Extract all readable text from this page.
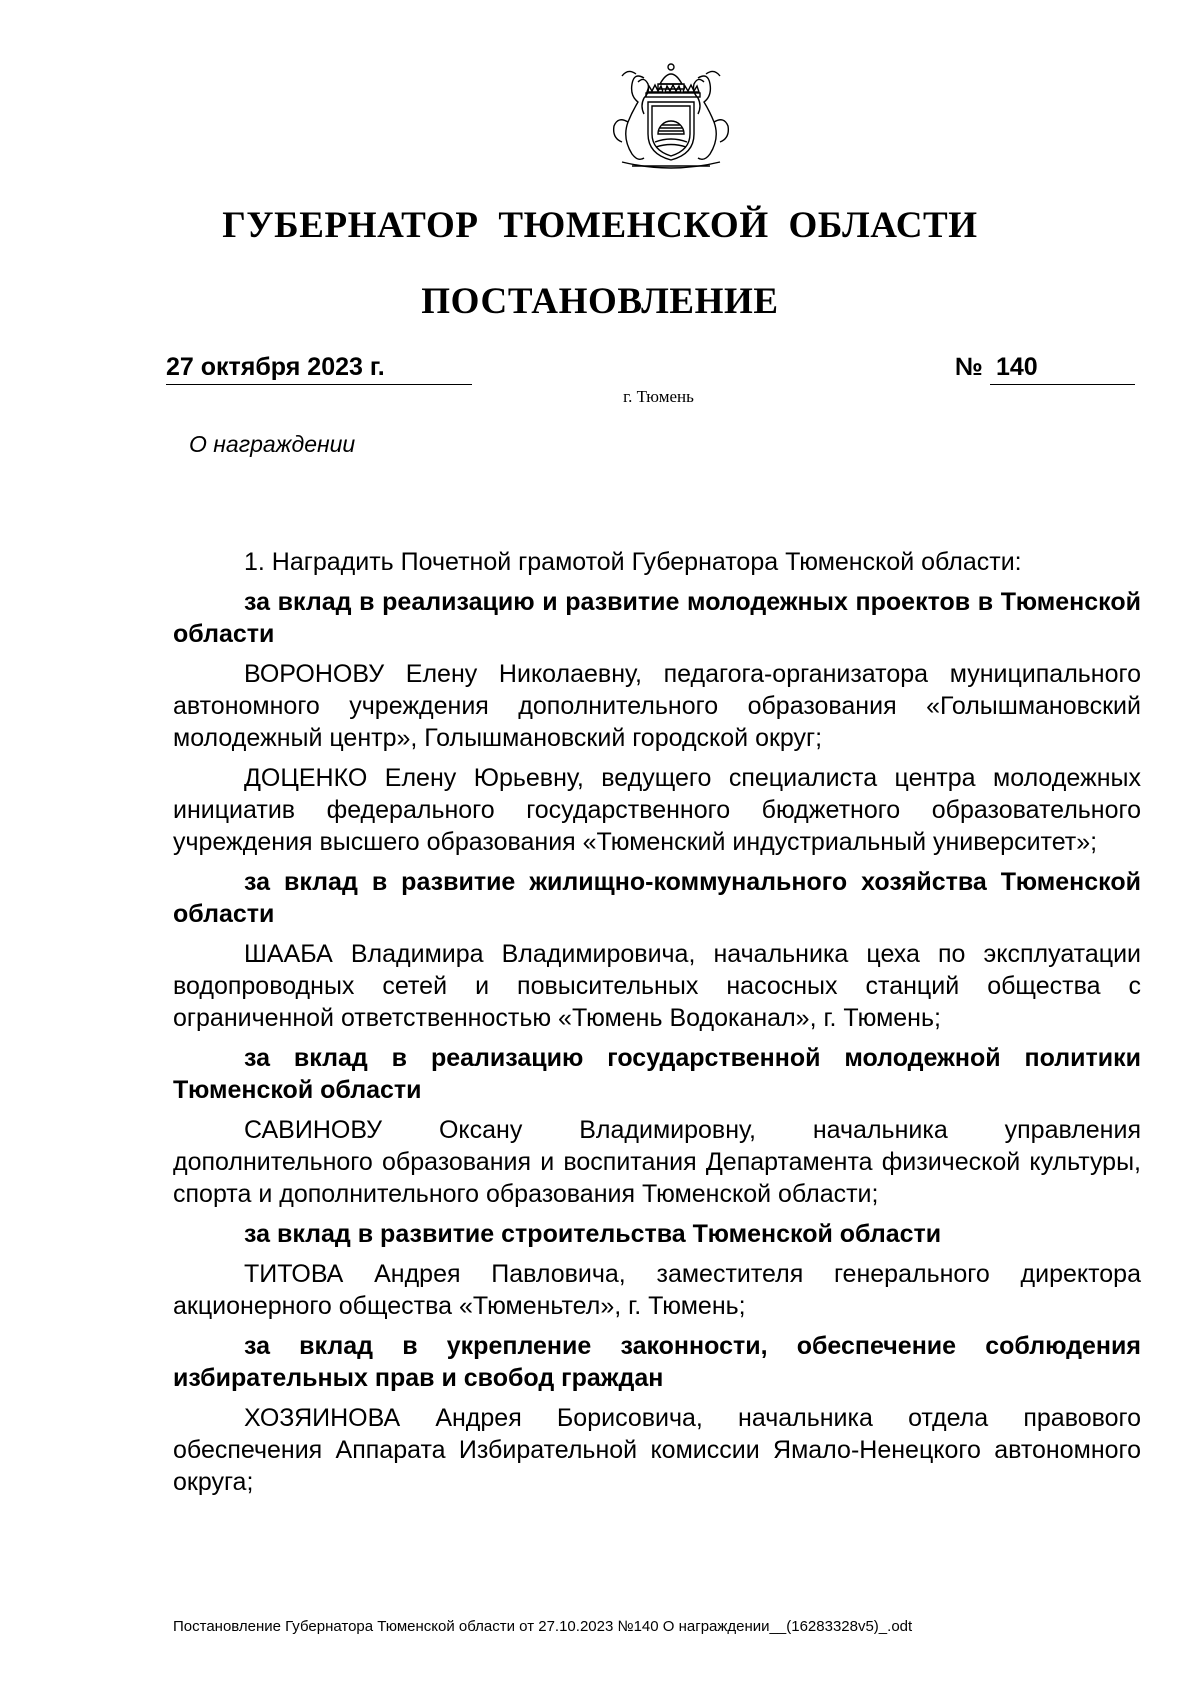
ГУБЕРНАТОР ТЮМЕНСКОЙ ОБЛАСТИ
ПОСТАНОВЛЕНИЕ
27 октября 2023 г.	№ 140
г. Тюмень
О награждении

1. Наградить Почетной грамотой Губернатора Тюменской области:

за вклад в реализацию и развитие молодежных проектов в Тюменской области

ВОРОНОВУ Елену Николаевну, педагога-организатора муниципального автономного учреждения дополнительного образования «Голышмановский молодежный центр», Голышмановский городской округ;

ДОЦЕНКО Елену Юрьевну, ведущего специалиста центра молодежных инициатив федерального государственного бюджетного образовательного учреждения высшего образования «Тюменский индустриальный университет»;

за вклад в развитие жилищно-коммунального хозяйства Тюменской области

ШААБА Владимира Владимировича, начальника цеха по эксплуатации водопроводных сетей и повысительных насосных станций общества с ограниченной ответственностью «Тюмень Водоканал», г. Тюмень;

за вклад в реализацию государственной молодежной политики Тюменской области

САВИНОВУ Оксану Владимировну, начальника управления дополнительного образования и воспитания Департамента физической культуры, спорта и дополнительного образования Тюменской области;

за вклад в развитие строительства Тюменской области

ТИТОВА Андрея Павловича, заместителя генерального директора акционерного общества «Тюменьтел», г. Тюмень;

за вклад в укрепление законности, обеспечение соблюдения избирательных прав и свобод граждан

ХОЗЯИНОВА Андрея Борисовича, начальника отдела правового обеспечения Аппарата Избирательной комиссии Ямало-Ненецкого автономного округа;

Постановление Губернатора Тюменской области от 27.10.2023 №140 О награждении__(16283328v5)_.odt
